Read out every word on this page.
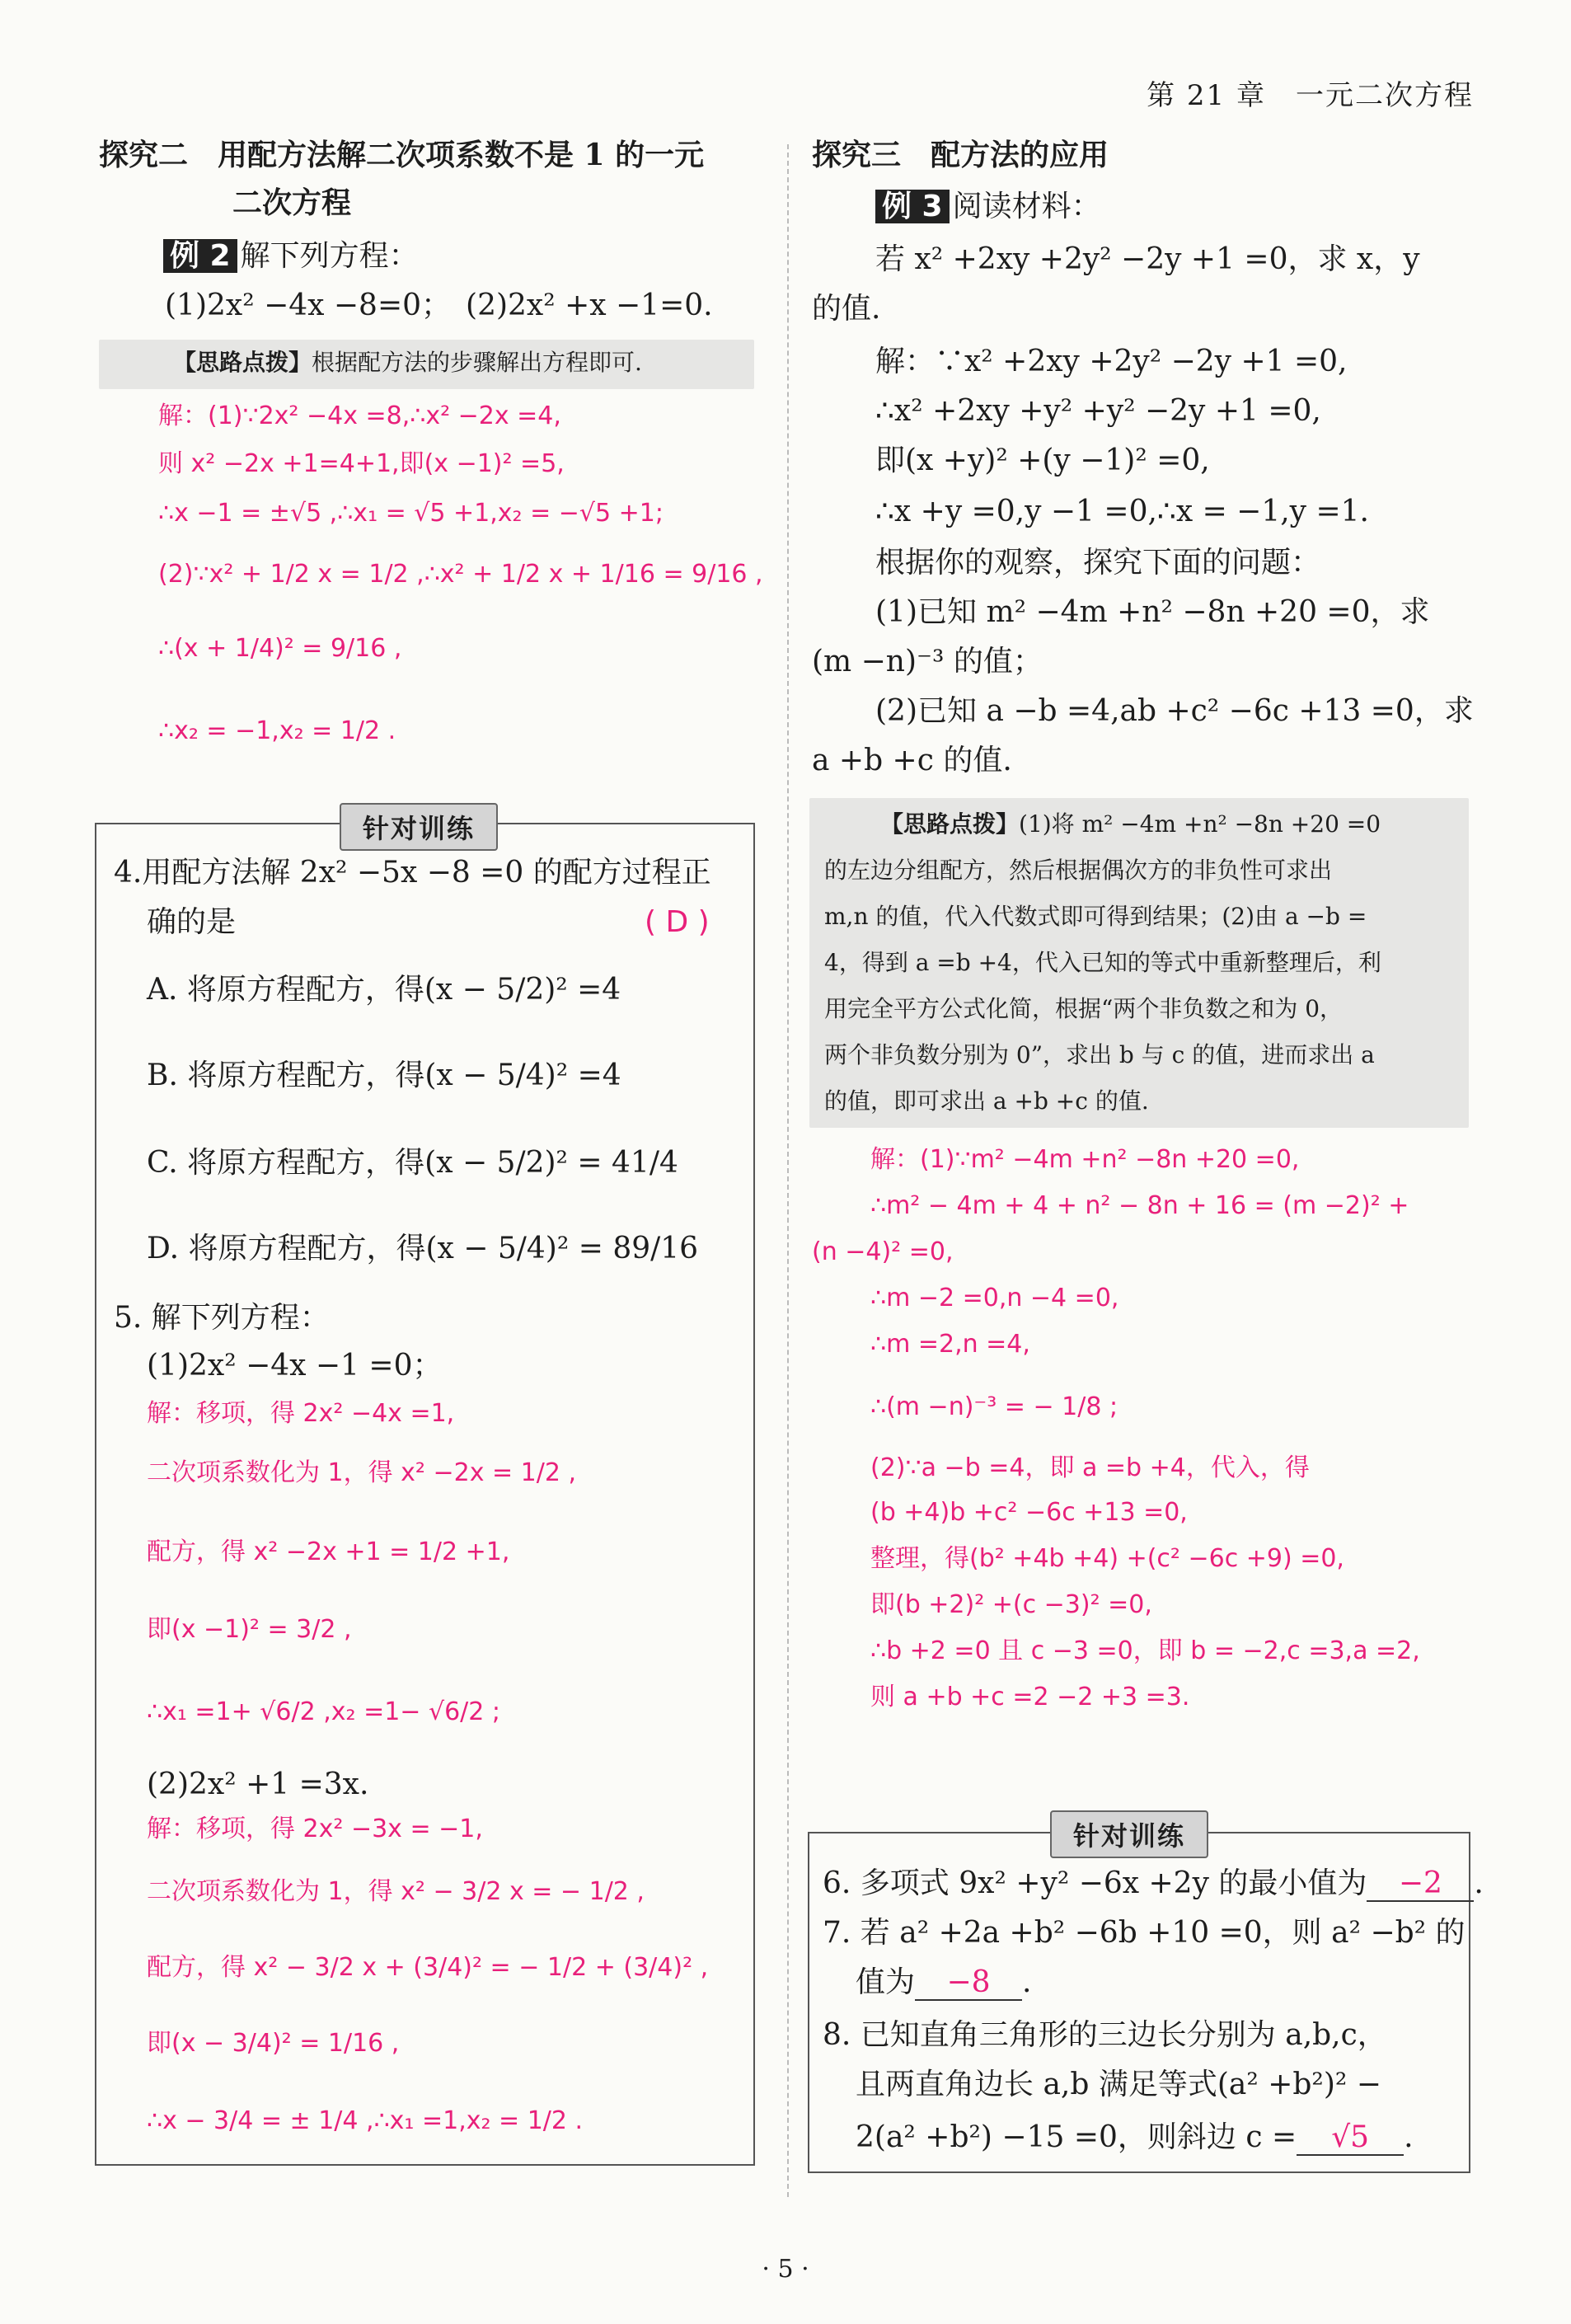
第 21 章　一元二次方程
探究二　用配方法解二次项系数不是 1 的一元
二次方程
例 2 解下列方程：
(1)2x² −4x −8=0；　(2)2x² +x −1=0.
【思路点拨】根据配方法的步骤解出方程即可.
解：(1)∵2x² −4x =8,∴x² −2x =4,
则 x² −2x +1=4+1,即(x −1)² =5,
∴x −1 = ±√5 ,∴x₁ = √5 +1,x₂ = −√5 +1;
(2)∵x² + 1/2 x = 1/2 ,∴x² + 1/2 x + 1/16 = 9/16 ,
∴(x + 1/4)² = 9/16 ,
∴x₂ = −1,x₂ = 1/2 .
针对训练
4.用配方法解 2x² −5x −8 =0 的配方过程正
确的是	( D )
A. 将原方程配方，得(x − 5/2)² =4
B. 将原方程配方，得(x − 5/4)² =4
C. 将原方程配方，得(x − 5/2)² = 41/4
D. 将原方程配方，得(x − 5/4)² = 89/16
5. 解下列方程：
(1)2x² −4x −1 =0；
解：移项，得 2x² −4x =1,
二次项系数化为 1，得 x² −2x = 1/2 ,
配方，得 x² −2x +1 = 1/2 +1,
即(x −1)² = 3/2 ,
∴x₁ =1+ √6/2 ,x₂ =1− √6/2 ;
(2)2x² +1 =3x.
解：移项，得 2x² −3x = −1,
二次项系数化为 1，得 x² − 3/2 x = − 1/2 ,
配方，得 x² − 3/2 x + (3/4)² = − 1/2 + (3/4)² ,
即(x − 3/4)² = 1/16 ,
∴x − 3/4 = ± 1/4 ,∴x₁ =1,x₂ = 1/2 .
探究三　配方法的应用
例 3 阅读材料：
若 x² +2xy +2y² −2y +1 =0，求 x，y
的值.
解：∵x² +2xy +2y² −2y +1 =0,
∴x² +2xy +y² +y² −2y +1 =0,
即(x +y)² +(y −1)² =0,
∴x +y =0,y −1 =0,∴x = −1,y =1.
根据你的观察，探究下面的问题：
(1)已知 m² −4m +n² −8n +20 =0，求
(m −n)⁻³ 的值；
(2)已知 a −b =4,ab +c² −6c +13 =0，求
a +b +c 的值.
【思路点拨】(1)将 m² −4m +n² −8n +20 =0
的左边分组配方，然后根据偶次方的非负性可求出
m,n 的值，代入代数式即可得到结果；(2)由 a −b =
4，得到 a =b +4，代入已知的等式中重新整理后，利
用完全平方公式化简，根据“两个非负数之和为 0，
两个非负数分别为 0”，求出 b 与 c 的值，进而求出 a
的值，即可求出 a +b +c 的值.
解：(1)∵m² −4m +n² −8n +20 =0,
∴m² − 4m + 4 + n² − 8n + 16 = (m −2)² +
(n −4)² =0,
∴m −2 =0,n −4 =0,
∴m =2,n =4,
∴(m −n)⁻³ = − 1/8 ;
(2)∵a −b =4，即 a =b +4，代入，得
(b +4)b +c² −6c +13 =0,
整理，得(b² +4b +4) +(c² −6c +9) =0,
即(b +2)² +(c −3)² =0,
∴b +2 =0 且 c −3 =0，即 b = −2,c =3,a =2,
则 a +b +c =2 −2 +3 =3.
针对训练
6. 多项式 9x² +y² −6x +2y 的最小值为 −2 .
7. 若 a² +2a +b² −6b +10 =0，则 a² −b² 的
值为 −8 .
8. 已知直角三角形的三边长分别为 a,b,c，
且两直角边长 a,b 满足等式(a² +b²)² −
2(a² +b²) −15 =0，则斜边 c = √5 .
· 5 ·
